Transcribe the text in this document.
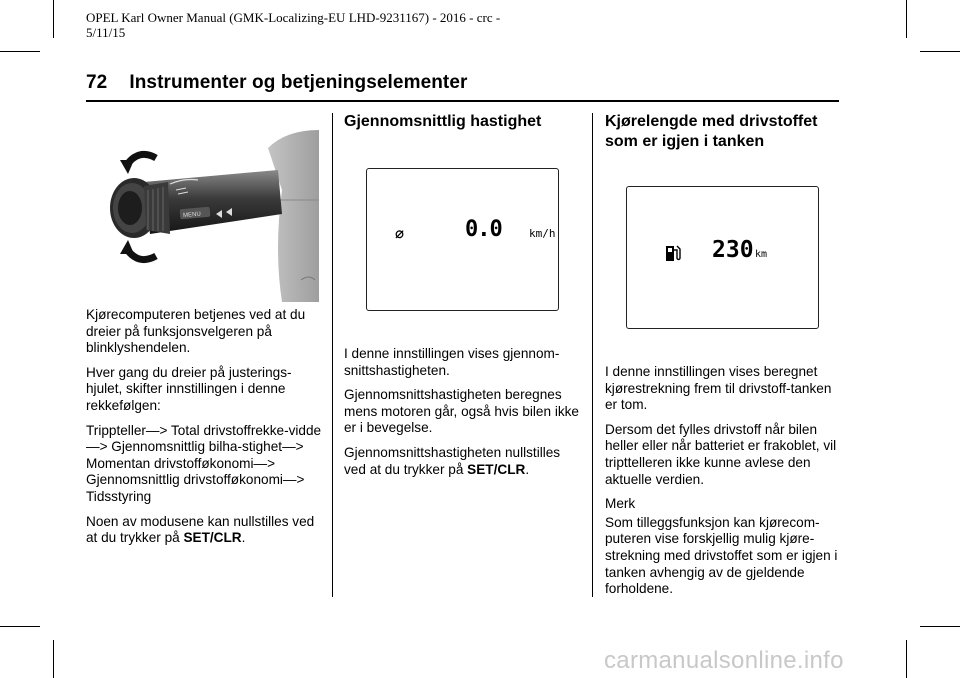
OPEL Karl Owner Manual (GMK-Localizing-EU LHD-9231167) - 2016 - crc - 5/11/15
72 Instrumenter og betjeningselementer
MENU

Kjørecomputeren betjenes ved at du dreier på funksjonsvelgeren på blinklyshendelen.

Hver gang du dreier på justerings-hjulet, skifter innstillingen i denne rekkefølgen:

Trippteller—> Total drivstoffrekke-vidde—> Gjennomsnittlig bilha-stighet—> Momentan drivstofføkonomi—> Gjennomsnittlig drivstofføkonomi—> Tidsstyring

Noen av modusene kan nullstilles ved at du trykker på SET/CLR.

Gjennomsnittlig hastighet
⌀	0.0 km/h

I denne innstillingen vises gjennom-snittshastigheten.

Gjennomsnittshastigheten beregnes mens motoren går, også hvis bilen ikke er i bevegelse.

Gjennomsnittshastigheten nullstilles ved at du trykker på SET/CLR.

Kjørelengde med drivstoffet
som er igjen i tanken
230 km

I denne innstillingen vises beregnet kjørestrekning frem til drivstoff-tanken er tom.

Dersom det fylles drivstoff når bilen heller eller når batteriet er frakoblet, vil tripttelleren ikke kunne avlese den aktuelle verdien.

Merk

Som tilleggsfunksjon kan kjørecom-puteren vise forskjellig mulig kjøre-strekning med drivstoffet som er igjen i tanken avhengig av de gjeldende forholdene.

carmanualsonline.info
